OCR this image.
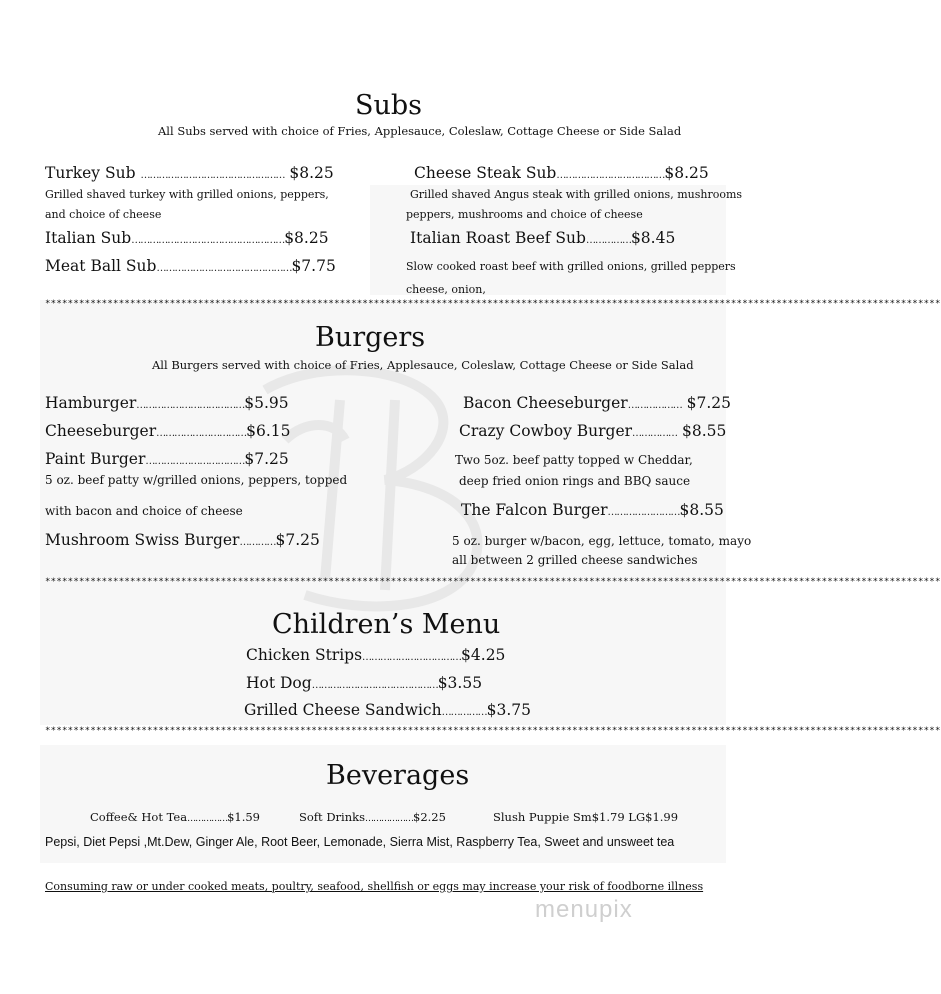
Subs
All Subs served with choice of Fries, Applesauce, Coleslaw, Cottage Cheese or Side Salad
Turkey Sub ………………………………………… $8.25
Grilled shaved turkey with grilled onions, peppers,
and choice of cheese
Italian Sub……………………………………………$8.25
Meat Ball Sub………………………………………$7.75
Cheese Steak Sub………………………………$8.25
Grilled shaved Angus steak with grilled onions, mushrooms
peppers, mushrooms and choice of cheese
Italian Roast Beef Sub……………$8.45
Slow cooked roast beef with grilled onions, grilled peppers
cheese, onion,
**************************************************************************************************************************************************************
Burgers
All Burgers served with choice of Fries, Applesauce, Coleslaw, Cottage Cheese or Side Salad
Hamburger………………………………$5.95
Cheeseburger…………………………$6.15
Paint Burger……………………………$7.25
5 oz. beef patty w/grilled onions, peppers, topped
with bacon and choice of cheese
Mushroom Swiss Burger…………$7.25
Bacon Cheeseburger……………… $7.25
Crazy Cowboy Burger…………… $8.55
Two 5oz. beef patty topped w Cheddar,
deep fried onion rings and BBQ sauce
The Falcon Burger……………………$8.55
5 oz. burger w/bacon, egg, lettuce, tomato, mayo
all between 2 grilled cheese sandwiches
**************************************************************************************************************************************************************
Children’s Menu
Chicken Strips……………………………$4.25
Hot Dog……………………………………$3.55
Grilled Cheese Sandwich……………$3.75
**************************************************************************************************************************************************************
Beverages
Coffee& Hot Tea……………$1.59	Soft Drinks………………$2.25	Slush Puppie Sm$1.79 LG$1.99
Pepsi, Diet Pepsi ,Mt.Dew, Ginger Ale, Root Beer, Lemonade, Sierra Mist, Raspberry Tea, Sweet and unsweet tea
Consuming raw or under cooked meats, poultry, seafood, shellfish or eggs may increase your risk of foodborne illness
menupix
